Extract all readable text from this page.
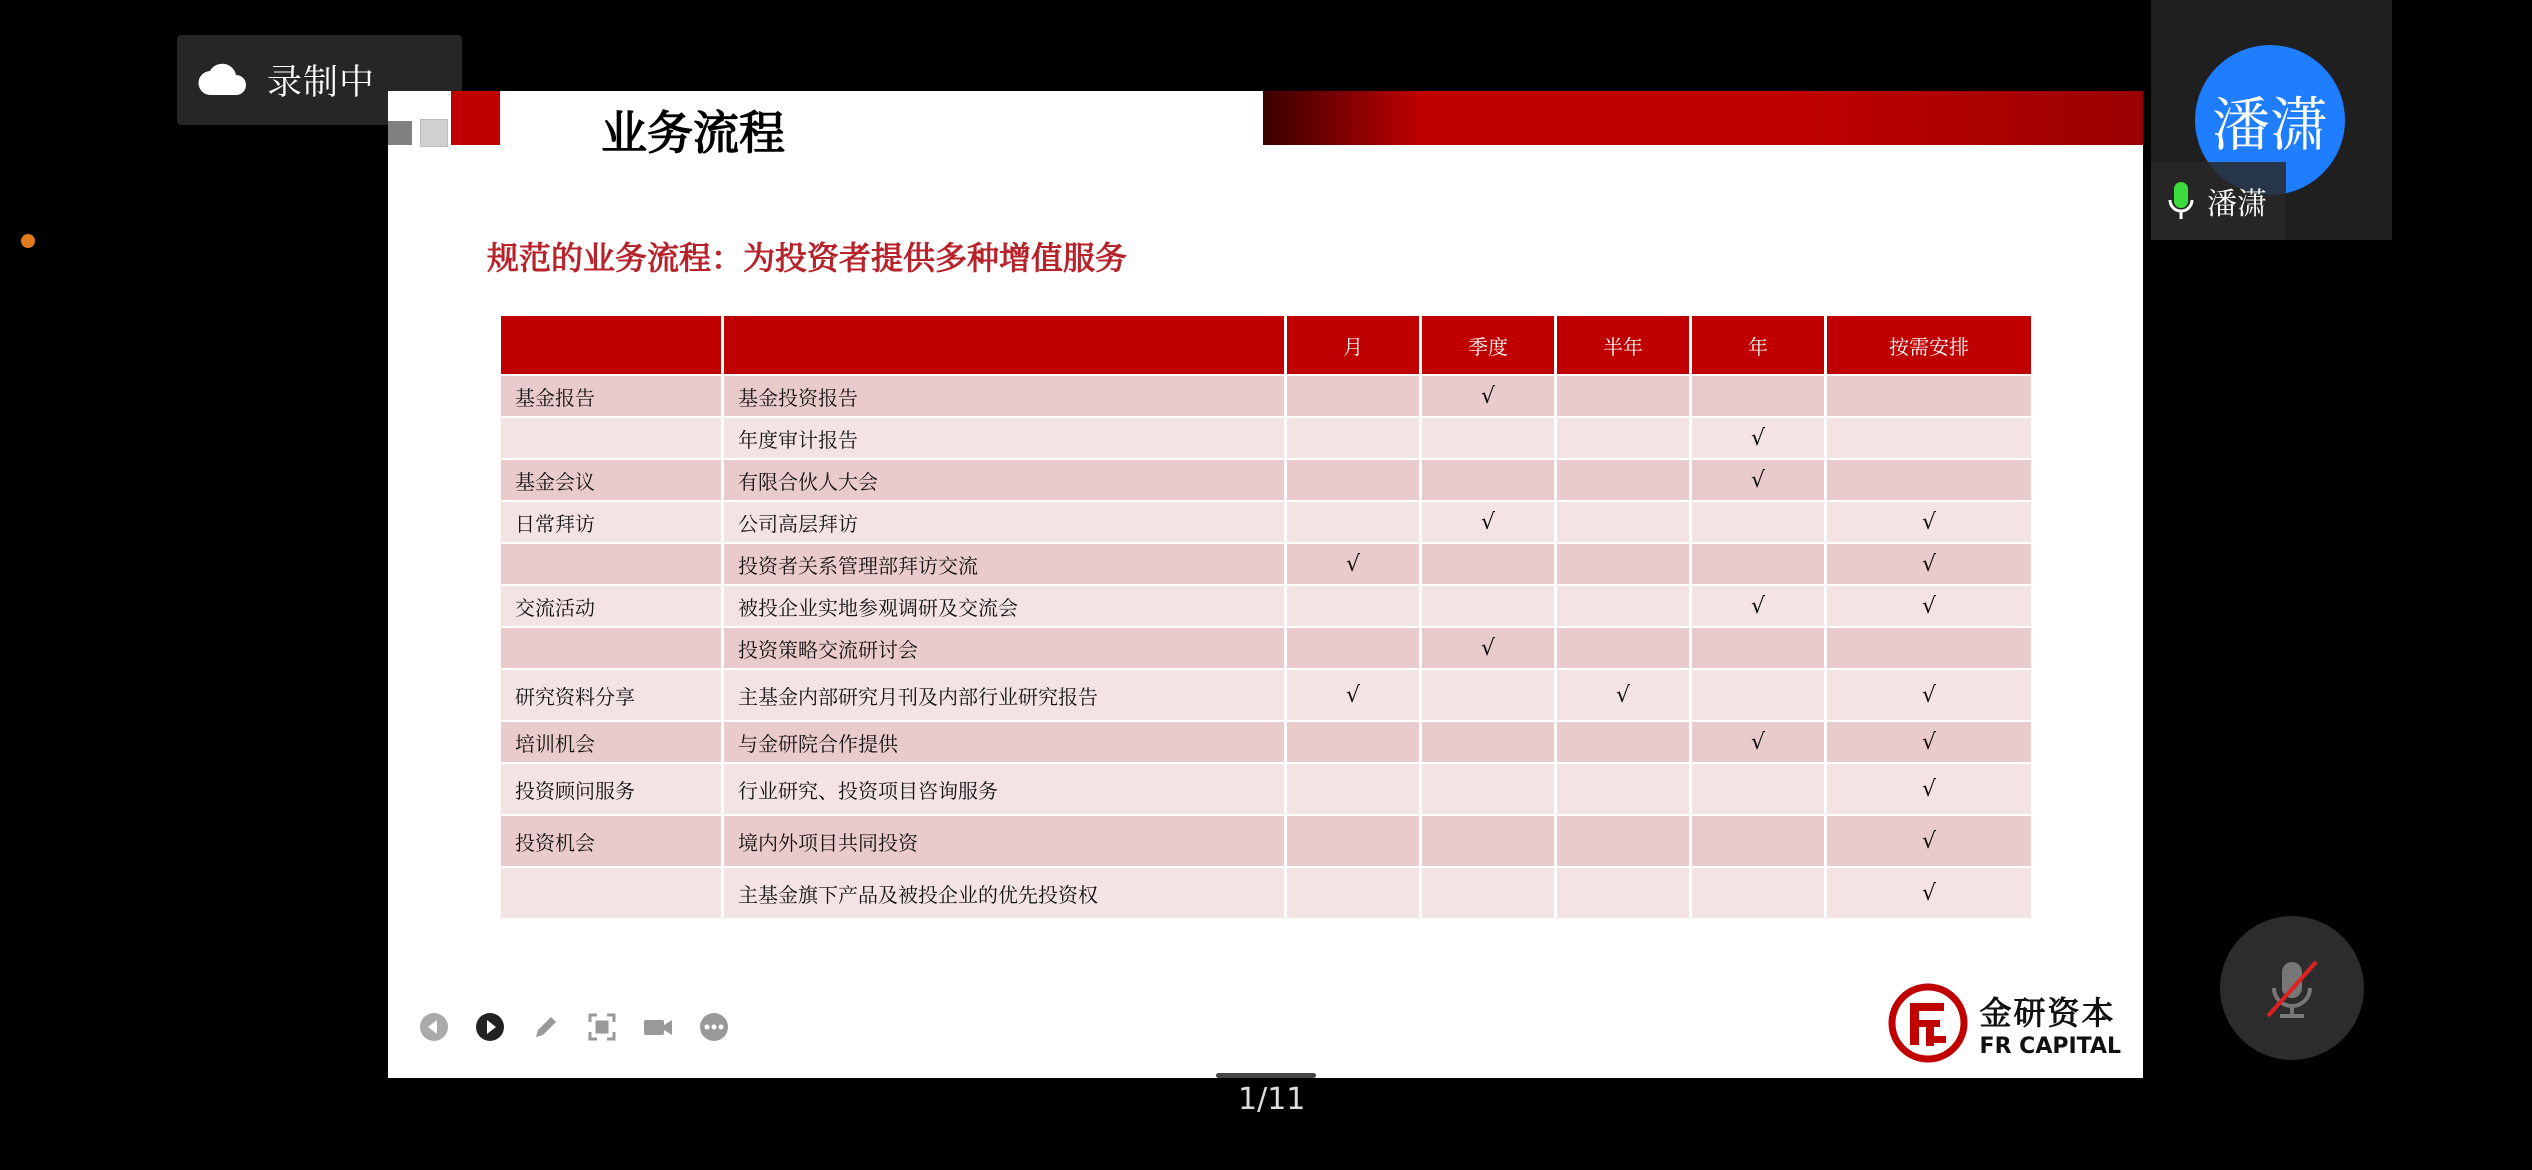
录制中
业务流程
规范的业务流程：为投资者提供多种增值服务
		月	季度	半年	年	按需安排
基金报告	基金投资报告		√			
	年度审计报告				√	
基金会议	有限合伙人大会				√	
日常拜访	公司高层拜访		√			√
	投资者关系管理部拜访交流	√				√
交流活动	被投企业实地参观调研及交流会				√	√
	投资策略交流研讨会		√			
研究资料分享	主基金内部研究月刊及内部行业研究报告	√		√		√
培训机会	与金研院合作提供				√	√
投资顾问服务	行业研究、投资项目咨询服务					√
投资机会	境内外项目共同投资					√
	主基金旗下产品及被投企业的优先投资权					√
金研资本
FR CAPITAL
1/11
潘潇
潘潇
